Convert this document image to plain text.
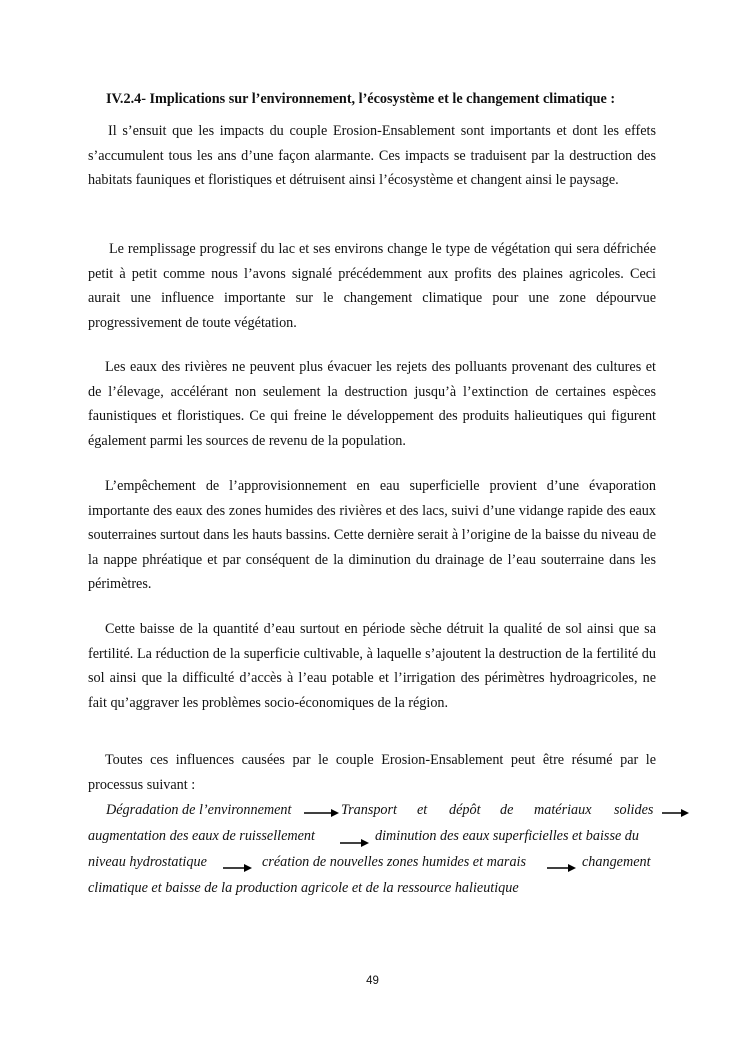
IV.2.4- Implications sur l’environnement, l’écosystème et le changement climatique :

Il s’ensuit que les impacts du couple Erosion-Ensablement sont importants et dont les effets s’accumulent tous les ans d’une façon alarmante. Ces impacts se traduisent par la destruction des habitats fauniques et floristiques et détruisent ainsi l’écosystème et changent ainsi le paysage.

Le remplissage progressif du lac et ses environs change le type de végétation qui sera défrichée petit à petit comme nous l’avons signalé précédemment aux profits des plaines agricoles. Ceci aurait une influence importante sur le changement climatique pour une zone dépourvue progressivement de toute végétation.

Les eaux des rivières ne peuvent plus évacuer les rejets des polluants provenant des cultures et de l’élevage, accélérant non seulement la destruction jusqu’à l’extinction de certaines espèces faunistiques et floristiques. Ce qui freine le développement des produits halieutiques qui figurent également parmi les sources de revenu de la population.

L’empêchement de l’approvisionnement en eau superficielle provient d’une évaporation importante des eaux des zones humides des rivières et des lacs, suivi d’une vidange rapide des eaux souterraines surtout dans les hauts bassins. Cette dernière serait à l’origine de la baisse du niveau de la nappe phréatique et par conséquent de la diminution du drainage de l’eau souterraine dans les périmètres.

Cette baisse de la quantité d’eau surtout en période sèche détruit la qualité de sol ainsi que sa fertilité. La réduction de la superficie cultivable, à laquelle s’ajoutent la destruction de la fertilité du sol ainsi que la difficulté d’accès à l’eau potable et l’irrigation des périmètres hydroagricoles, ne fait qu’aggraver les problèmes socio-économiques de la région.

Toutes ces influences causées par le couple Erosion-Ensablement peut être résumé par le processus suivant :

Dégradation de l’environnement	Transport et dépôt de matériaux solides
augmentation des eaux de ruissellement	diminution des eaux superficielles et baisse du
niveau hydrostatique	création de nouvelles zones humides et marais	changement
climatique et baisse de la production agricole et de la ressource halieutique
49
